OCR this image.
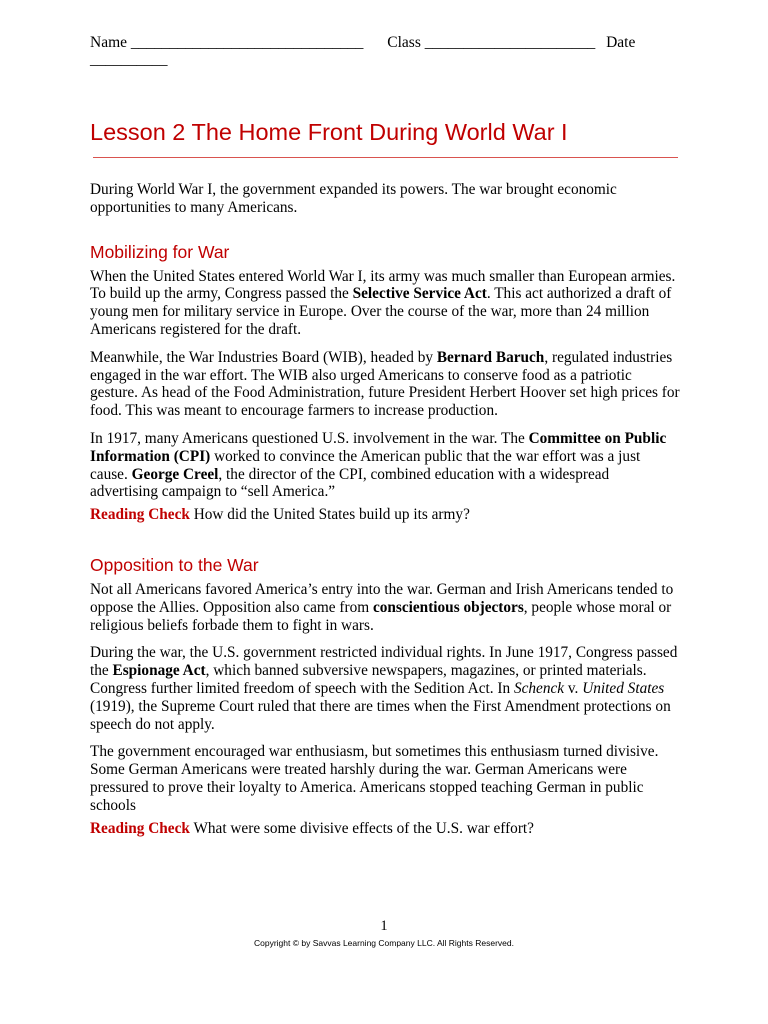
Name ______________________________ Class ______________________ Date
__________
Lesson 2 The Home Front During World War I

During World War I, the government expanded its powers. The war brought economic opportunities to many Americans.

Mobilizing for War

When the United States entered World War I, its army was much smaller than European armies. To build up the army, Congress passed the Selective Service Act. This act authorized a draft of young men for military service in Europe. Over the course of the war, more than 24 million Americans registered for the draft.

Meanwhile, the War Industries Board (WIB), headed by Bernard Baruch, regulated industries engaged in the war effort. The WIB also urged Americans to conserve food as a patriotic gesture. As head of the Food Administration, future President Herbert Hoover set high prices for food. This was meant to encourage farmers to increase production.

In 1917, many Americans questioned U.S. involvement in the war. The Committee on Public Information (CPI) worked to convince the American public that the war effort was a just cause. George Creel, the director of the CPI, combined education with a widespread advertising campaign to “sell America.”

Reading Check How did the United States build up its army?

Opposition to the War

Not all Americans favored America’s entry into the war. German and Irish Americans tended to oppose the Allies. Opposition also came from conscientious objectors, people whose moral or religious beliefs forbade them to fight in wars.

During the war, the U.S. government restricted individual rights. In June 1917, Congress passed the Espionage Act, which banned subversive newspapers, magazines, or printed materials. Congress further limited freedom of speech with the Sedition Act. In Schenck v. United States (1919), the Supreme Court ruled that there are times when the First Amendment protections on speech do not apply.

The government encouraged war enthusiasm, but sometimes this enthusiasm turned divisive. Some German Americans were treated harshly during the war. German Americans were pressured to prove their loyalty to America. Americans stopped teaching German in public schools

Reading Check What were some divisive effects of the U.S. war effort?

1
Copyright © by Savvas Learning Company LLC. All Rights Reserved.
